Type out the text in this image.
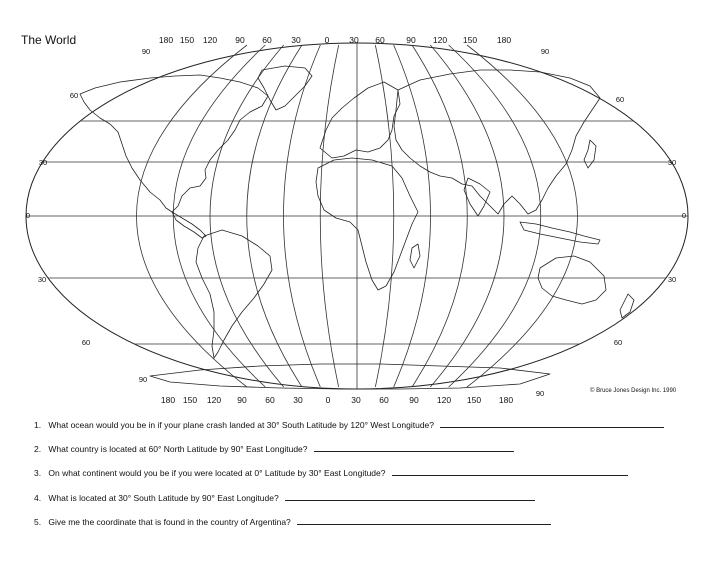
The World	180 150 120 90 60 30	0 30 60	90 120 150 180
180 150 120 90 60 30	0 30 60 90 120 150 180
90	90
90
90
60	60
30	30
0	0
30	30
60	60
© Bruce Jones Design Inc. 1990
1. What ocean would you be in if your plane crash landed at 30° South Latitude by 120° West Longitude?
2. What country is located at 60° North Latitude by 90° East Longitude?
3. On what continent would you be if you were located at 0° Latitude by 30° East Longitude?
4. What is located at 30° South Latitude by 90° East Longitude?
5. Give me the coordinate that is found in the country of Argentina?
